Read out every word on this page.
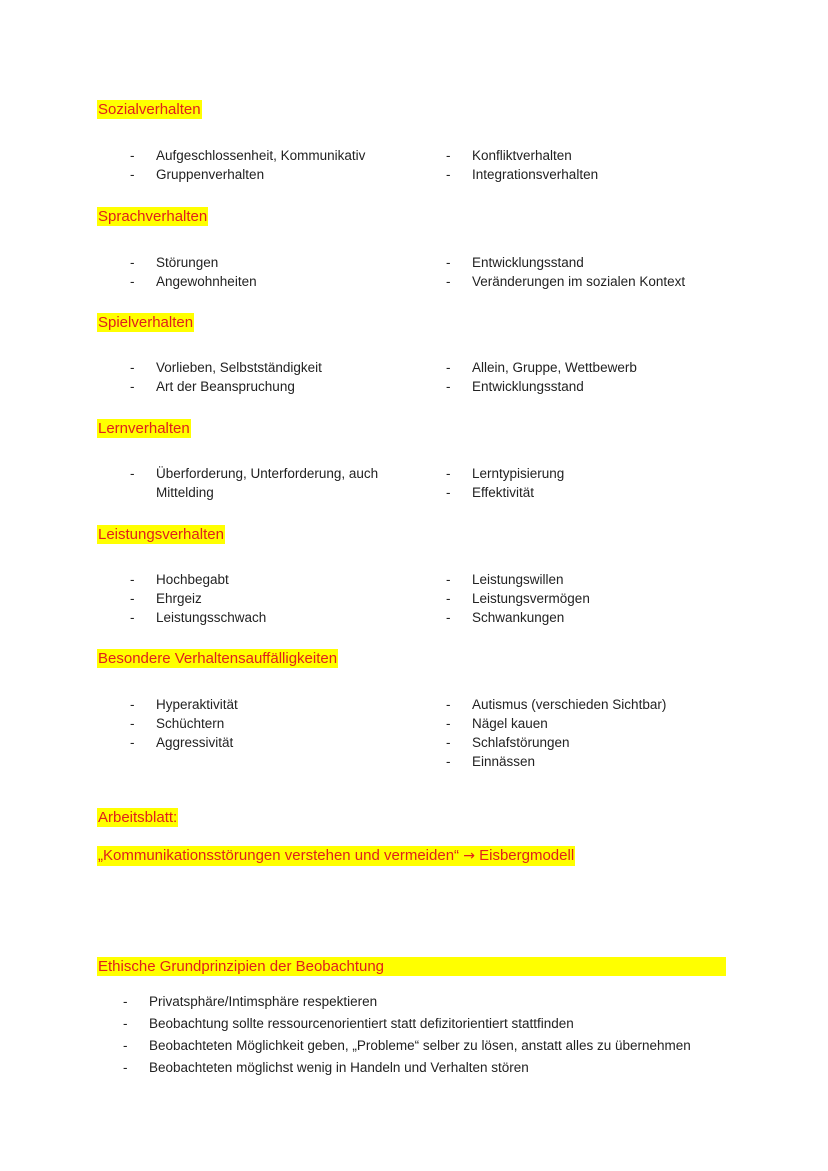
Sozialverhalten
- Aufgeschlossenheit, Kommunikativ
- Gruppenverhalten
- Konfliktverhalten
- Integrationsverhalten
Sprachverhalten
- Störungen
- Angewohnheiten
- Entwicklungsstand
- Veränderungen im sozialen Kontext
Spielverhalten
- Vorlieben, Selbstständigkeit
- Art der Beanspruchung
- Allein, Gruppe, Wettbewerb
- Entwicklungsstand
Lernverhalten
- Überforderung, Unterforderung, auch Mittelding
- Lerntypisierung
- Effektivität
Leistungsverhalten
- Hochbegabt
- Ehrgeiz
- Leistungsschwach
- Leistungswillen
- Leistungsvermögen
- Schwankungen
Besondere Verhaltensauffälligkeiten
- Hyperaktivität
- Schüchtern
- Aggressivität
- Autismus (verschieden Sichtbar)
- Nägel kauen
- Schlafstörungen
- Einnässen
Arbeitsblatt:
„Kommunikationsstörungen verstehen und vermeiden“ → Eisbergmodell
Ethische Grundprinzipien der Beobachtung
- Privatsphäre/Intimsphäre respektieren
- Beobachtung sollte ressourcenorientiert statt defizitorientiert stattfinden
- Beobachteten Möglichkeit geben, „Probleme“ selber zu lösen, anstatt alles zu übernehmen
- Beobachteten möglichst wenig in Handeln und Verhalten stören
